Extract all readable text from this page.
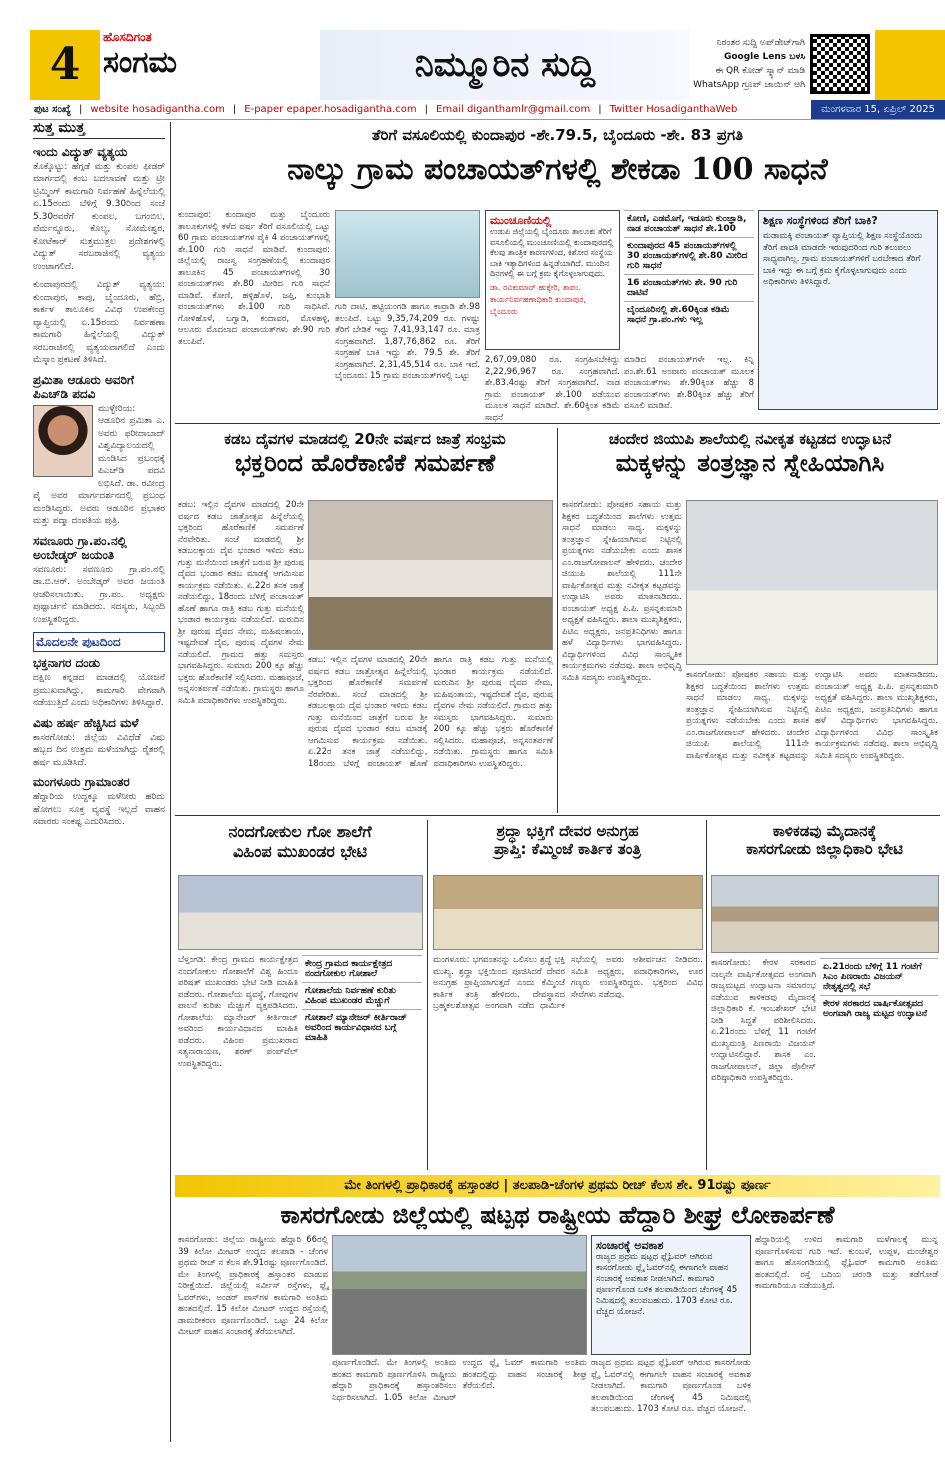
4
ಹೊಸದಿಗಂತ
ಸಂಗಮ	ನಿಮ್ಮೂರಿನ ಸುದ್ದಿ
ನಿರಂತರ ಸುದ್ದಿ ಅಪ್‌ಡೇಟ್‌ಗಾಗಿ
Google Lens ಬಳಸಿ
ಈ QR ಕೋಡ್ ಸ್ಕ್ಯಾನ್ ಮಾಡಿ
WhatsApp ಗ್ರೂಪ್ ಜಾಯಿನ್ ಆಗಿ
ಪುಟ ಸಂಖ್ಯೆ | website hosadigantha.com | E-paper epaper.hosadigantha.com | Email diganthamlr@gmail.com | Twitter HosadiganthaWeb	ಮಂಗಳವಾರ 15, ಏಪ್ರಿಲ್ 2025
ಸುತ್ತ ಮುತ್ತ
ಇಂದು ವಿದ್ಯುತ್ ವ್ಯತ್ಯಯ

ತೊಕ್ಕೊಟ್ಟು: ಹೆಗ್ಗಡೆ ಮತ್ತು ಕುಂಪಲ ಫೀಡರ್ ಮಾರ್ಗದಲ್ಲಿ ಕಂಬ ಬದಲಾವಣೆ ಮತ್ತು ಟ್ರೀ ಟ್ರಿಮ್ಮಿಂಗ್ ಕಾಮಗಾರಿ ನಿರ್ವಹಣೆ ಹಿನ್ನೆಲೆಯಲ್ಲಿ ಏ.15ರಂದು ಬೆಳಿಗ್ಗೆ 9.30ರಿಂದ ಸಂಜೆ 5.30ರವರೆಗೆ ಕುಂಪಲ, ಬಗಂಬಿಲ, ಪೆರ್ಮನ್ನೂರು, ಕೊಲ್ಯ, ಸೋಮೇಶ್ವರ, ಕೋಟೆಕಾರ್ ಸುತ್ತಮುತ್ತಲ ಪ್ರದೇಶಗಳಲ್ಲಿ ವಿದ್ಯುತ್ ಸರಬರಾಜಿನಲ್ಲಿ ವ್ಯತ್ಯಯ ಉಂಟಾಗಲಿದೆ.

ಕುಂದಾಪುರದಲ್ಲಿ ವಿದ್ಯುತ್ ವ್ಯತ್ಯಯ: ಕುಂದಾಪುರ, ಕಾಪು, ಬೈಂದೂರು, ಹೆಬ್ರಿ, ಕಾರ್ಕಳ ತಾಲೂಕಿನ ವಿವಿಧ ಉಪಕೇಂದ್ರ ವ್ಯಾಪ್ತಿಯಲ್ಲಿ ಏ.15ರಂದು ನಿರ್ವಹಣಾ ಕಾಮಗಾರಿ ಹಿನ್ನೆಲೆಯಲ್ಲಿ ವಿದ್ಯುತ್ ಸರಬರಾಜಿನಲ್ಲಿ ವ್ಯತ್ಯಯವಾಗಲಿದೆ ಎಂದು ಮೆಸ್ಕಾಂ ಪ್ರಕಟಣೆ ತಿಳಿಸಿದೆ.

ಪ್ರಮಿತಾ ಆಡೂರು ಅವರಿಗೆ ಪಿಎಚ್‌ಡಿ ಪದವಿ

ಮುಳ್ಳೇರಿಯ: ಆಡೂರಿನ ಪ್ರಮಿತಾ ಎ. ಅವರು ಫರೀದಾಬಾದ್ ವಿಶ್ವವಿದ್ಯಾಲಯದಲ್ಲಿ ಮಂಡಿಸಿದ ಪ್ರಬಂಧಕ್ಕೆ ಪಿಎಚ್‌ಡಿ ಪದವಿ ಲಭಿಸಿದೆ. ಡಾ. ರವೀಂದ್ರ ಪೈ ಅವರ ಮಾರ್ಗದರ್ಶನದಲ್ಲಿ ಪ್ರಬಂಧ ಮಂಡಿಸಿದ್ದರು. ಅವರು ಆಡೂರಿನ ಪ್ರಭಾಕರ ಮತ್ತು ಪದ್ಮಾ ದಂಪತಿಯ ಪುತ್ರಿ.

ಸವಣೂರು ಗ್ರಾ.ಪಂ.ನಲ್ಲಿ ಅಂಬೇಡ್ಕರ್ ಜಯಂತಿ

ಸವಣೂರು: ಸವಣೂರು ಗ್ರಾ.ಪಂ.ನಲ್ಲಿ ಡಾ.ಬಿ.ಆರ್. ಅಂಬೇಡ್ಕರ್ ಅವರ ಜಯಂತಿ ಆಚರಿಸಲಾಯಿತು. ಗ್ರಾ.ಪಂ. ಅಧ್ಯಕ್ಷರು ಪುಷ್ಪಾರ್ಚನೆ ಮಾಡಿದರು. ಸದಸ್ಯರು, ಸಿಬ್ಬಂದಿ ಉಪಸ್ಥಿತರಿದ್ದರು.

ಮೊದಲನೇ ಪುಟದಿಂದ
ಭಕ್ತನಾಗರ ದಂಡು

ದಕ್ಷಿಣ ಕನ್ನಡದ ಮಾಡದಲ್ಲಿ ಯೋಜನೆ ಪ್ರಮುಖವಾಗಿದ್ದು, ಕಾಮಗಾರಿ ವೇಗವಾಗಿ ನಡೆಯುತ್ತಿದೆ ಎಂದು ಅಧಿಕಾರಿಗಳು ತಿಳಿಸಿದ್ದಾರೆ.

ವಿಷು ಹರ್ಷ ಹೆಚ್ಚಿಸಿದ ಮಳೆ

ಕಾಸರಗೋಡು: ಜಿಲ್ಲೆಯ ವಿವಿಧೆಡೆ ವಿಷು ಹಬ್ಬದ ದಿನ ಉತ್ತಮ ಮಳೆಯಾಗಿದ್ದು ರೈತರಲ್ಲಿ ಹರ್ಷ ಮೂಡಿಸಿದೆ.

ಮಂಗಳೂರು ಗ್ರಾಮಾಂತರ

ಹೆದ್ದಾರಿಯ ಉದ್ದಕ್ಕೂ ಮಳೆನೀರು ಹರಿದು ಹೋಗಲು ಸೂಕ್ತ ವ್ಯವಸ್ಥೆ ಇಲ್ಲದೆ ವಾಹನ ಸವಾರರು ಸಂಕಷ್ಟ ಎದುರಿಸಿದರು.

ತೆರಿಗೆ ವಸೂಲಿಯಲ್ಲಿ ಕುಂದಾಪುರ -ಶೇ.79.5, ಬೈಂದೂರು -ಶೇ. 83 ಪ್ರಗತಿ
ನಾಲ್ಕು ಗ್ರಾಮ ಪಂಚಾಯತ್‌ಗಳಲ್ಲಿ ಶೇಕಡಾ 100 ಸಾಧನೆ
ಕುಂದಾಪುರ: ಕುಂದಾಪುರ ಮತ್ತು ಬೈಂದೂರು ತಾಲೂಕುಗಳಲ್ಲಿ ಕಳೆದ ವರ್ಷ ತೆರಿಗೆ ವಸೂಲಿಯಲ್ಲಿ ಒಟ್ಟು 60 ಗ್ರಾಮ ಪಂಚಾಯತ್‌ಗಳ ಪೈಕಿ 4 ಪಂಚಾಯತ್‌ಗಳಲ್ಲಿ ಶೇ.100 ಗುರಿ ಸಾಧನೆ ಮಾಡಿವೆ. ಕುಂದಾಪುರ: ಜಿಲ್ಲೆಯಲ್ಲಿ ರಾಜಸ್ವ ಸಂಗ್ರಹಣೆಯಲ್ಲಿ ಕುಂದಾಪುರ ತಾಲೂಕಿನ 45 ಪಂಚಾಯತ್‌ಗಳಲ್ಲಿ 30 ಪಂಚಾಯತ್‌ಗಳು ಶೇ.80 ಮೀರಿದ ಗುರಿ ಸಾಧನೆ ಮಾಡಿವೆ. ಕೋಣಿ, ಹಳ್ಳಿಹೊಳೆ, ಜಪ್ತಿ, ಕುಂಭಾಶಿ ಪಂಚಾಯತ್‌ಗಳು ಶೇ.100 ಗುರಿ ಸಾಧಿಸಿವೆ. ಗೋಳಿಹೊಳೆ, ಬಗ್ವಾಡಿ, ಕಂದಾವರ, ಮೊಳಹಳ್ಳಿ, ಆಲೂರು ಮೊದಲಾದ ಪಂಚಾಯತ್‌ಗಳು ಶೇ.90 ಗುರಿ ತಲುಪಿವೆ.
ಗುರಿ ದಾಟಿ, ಹಟ್ಟಿಯಂಗಡಿ ಹಾಗೂ ಕಾವ್ರಾಡಿ ಶೇ.98 ತಲುಪಿದೆ. ಒಟ್ಟು 9,35,74,209 ರೂ. ಗಳಷ್ಟು ತೆರಿಗೆ ಬೇಡಿಕೆ ಇದ್ದು 7,41,93,147 ರೂ. ಮಾತ್ರ ಸಂಗ್ರಹವಾಗಿದೆ. 1,87,76,862 ರೂ. ತೆರಿಗೆ ಸಂಗ್ರಹಣೆ ಬಾಕಿ ಇದ್ದು ಶೇ. 79.5 ಶೇ. ತೆರಿಗೆ ಸಂಗ್ರಹವಾಗಿದೆ. 2,31,45,514 ರೂ. ಬಾಕಿ ಇದೆ. ಬೈಂದೂರು: 15 ಗ್ರಾಮ ಪಂಚಾಯತ್‌ಗಳಲ್ಲಿ ಒಟ್ಟು
ಮುಂಚೂಣಿಯಲ್ಲಿ
ಉಡುಪಿ ಜಿಲ್ಲೆಯಲ್ಲಿ ಬೈಂದೂರು ತಾಲೂಕು ತೆರಿಗೆ ವಸೂಲಿಯಲ್ಲಿ ಮುಂಚೂಣಿಯಲ್ಲಿ ಕುಂದಾಪುರದಲ್ಲಿ ಕೆಲವು ತಾಂತ್ರಿಕ ಕಾರಣಗಳಿಂದ, ಕಿಶೋರ ಸಂಸ್ಥೆಯ ಬಾಕಿ ಇತ್ಯಾದಿಗಳಿಂದ ಹಿನ್ನಡೆಯಾಗಿದೆ. ಮುಂದಿನ ದಿನಗಳಲ್ಲಿ ಈ ಬಗ್ಗೆ ಕ್ರಮ ಕೈಗೊಳ್ಳಲಾಗುವುದು.
ಡಾ. ರವಿಕುಮಾರ್ ಹುಕ್ಕೇರಿ, ತಾಪಂ. ಕಾರ್ಯನಿರ್ವಹಣಾಧಿಕಾರಿ ಕುಂದಾಪುರ, ಬೈಂದೂರು
2,67,09,080 ರೂ. ಸಂಗ್ರಹಿಸಬೇಕಿದ್ದು 2,22,96,967 ರೂ. ಸಂಗ್ರಹವಾಗಿದೆ. ಶೇ.83.4ರಷ್ಟು ತೆರಿಗೆ ಸಂಗ್ರಹವಾಗಿದೆ. ನಾಡ ಗ್ರಾಮ ಪಂಚಾಯತ್ ಶೇ.100 ಪಡೆಯುವ ಮೂಲಕ ಸಾಧನೆ ಮಾಡಿದೆ. ಶೇ.60ಕ್ಕಿಂತ ಕಡಿಮೆ ಸಾಧನೆ
ಕೋಣಿ, ಎಡಮೊಗೆ, ಇಡೂರು ಕುಂಜ್ಞಾಡಿ, ನಾಡ ಪಂಚಾಯತ್ ಸಾಧನೆ ಶೇ.100
ಕುಂದಾಪುರದ 45 ಪಂಚಾಯತ್‌ಗಳಲ್ಲಿ 30 ಪಂಚಾಯತ್‌ಗಳಲ್ಲಿ ಶೇ.80 ಮೀರಿದ ಗುರಿ ಸಾಧನೆ
16 ಪಂಚಾಯತ್‌ಗಳು ಶೇ. 90 ಗುರಿ ದಾಟಿವೆ
ಬೈಂದೂರಿನಲ್ಲಿ ಶೇ.60ಕ್ಕಿಂತ ಕಡಿಮೆ ಸಾಧನೆ ಗ್ರಾ.ಪಂ.ಗಳು ಇಲ್ಲ
ಮಾಡಿದ ಪಂಚಾಯತ್‌ಗಳೇ ಇಲ್ಲ. ಕಿನ್ನಿ ಪಂ.ಶೇ.61 ಅಂಪಾರು ಪಂಚಾಯತ್ ಮೂಲಕ ಪಂಚಾಯತ್‌ಗಳು ಶೇ.90ಕ್ಕಿಂತ ಹೆಚ್ಚು 8 ಪಂಚಾಯತ್‌ಗಳು ಶೇ.80ಕ್ಕಿಂತ ಹೆಚ್ಚು ತೆರಿಗೆ ವಸೂಲಿ ಮಾಡಿವೆ.
ಶಿಕ್ಷಣ ಸಂಸ್ಥೆಗಳಿಂದ ತೆರಿಗೆ ಬಾಕಿ?
ಮಡಾಮಕ್ಕಿ ಪಂಚಾಯತ್ ವ್ಯಾಪ್ತಿಯಲ್ಲಿ ಶಿಕ್ಷಣ ಸಂಸ್ಥೆಯೊಂದು ತೆರಿಗೆ ಪಾವತಿ ಮಾಡದೇ ಇರುವುದರಿಂದ ಗುರಿ ತಲುಪಲು ಸಾಧ್ಯವಾಗಿಲ್ಲ. ಗ್ರಾಮ ಪಂಚಾಯತ್‌ಗಳಿಗೆ ಬರಬೇಕಾದ ತೆರಿಗೆ ಬಾಕಿ ಇದ್ದು ಈ ಬಗ್ಗೆ ಕ್ರಮ ಕೈಗೊಳ್ಳಲಾಗುವುದು ಎಂದು ಅಧಿಕಾರಿಗಳು ತಿಳಿಸಿದ್ದಾರೆ.
ಕಡಬ ದೈವಗಳ ಮಾಡದಲ್ಲಿ 20ನೇ ವರ್ಷದ ಜಾತ್ರೆ ಸಂಭ್ರಮ
ಭಕ್ತರಿಂದ ಹೊರೆಕಾಣಿಕೆ ಸಮರ್ಪಣೆ
ಕಡಬ: ಇಲ್ಲಿನ ದೈವಗಳ ಮಾಡದಲ್ಲಿ 20ನೇ ವರ್ಷದ ಕಡಬ ಜಾತ್ರೋತ್ಸವ ಹಿನ್ನೆಲೆಯಲ್ಲಿ ಭಕ್ತರಿಂದ ಹೊರೆಕಾಣಿಕೆ ಸಮರ್ಪಣೆ ನೆರವೇರಿತು. ಸಂಜೆ ಮಾಡದಲ್ಲಿ ಶ್ರೀ ಕಡಬಲಕ್ಕಾಯ ದೈವ ಭಂಡಾರ ಇಳಿದು ಕಡಬ ಗುತ್ತು ಮನೆಯಿಂದ ಜಾತ್ರೆಗೆ ಬರುವ ಶ್ರೀ ಪುರುಷ ದೈವದ ಭಂಡಾರ ಕಡಬ ಮಾಡಕ್ಕೆ ಆಗಮಿಸುವ ಕಾರ್ಯಕ್ರಮ ನಡೆಯಿತು. ಏ.22ರ ತನಕ ಜಾತ್ರೆ ನಡೆಯಲಿದ್ದು, 18ರಂದು ಬೆಳಿಗ್ಗೆ ಪಂಚಾಯತ್ ಹೊಣೆ ಹಾಗೂ ರಾತ್ರಿ ಕಡಬ ಗುತ್ತು ಮನೆಯಲ್ಲಿ ಭಂಡಾರ ಕಾರ್ಯಕ್ರಮ ನಡೆಯಲಿದೆ. ಮರುದಿನ ಶ್ರೀ ಪುರುಷ ದೈವದ ನೇಮ, ಮಹಿಷಂತಾಯ, ಇಷ್ಟದೇವತೆ ದೈವ, ಪುರುಷ ದೈವಗಳ ನೇಮ ನಡೆಯಲಿದೆ. ಗ್ರಾಮದ ಹತ್ತು ಸಮಸ್ತರು ಭಾಗವಹಿಸಿದ್ದರು. ಸುಮಾರು 200 ಕ್ಕೂ ಹೆಚ್ಚು ಭಕ್ತರು ಹೊರೆಕಾಣಿಕೆ ಸಲ್ಲಿಸಿದರು. ಮಹಾಪೂಜೆ, ಅನ್ನಸಂತರ್ಪಣೆ ನಡೆಯಿತು. ಗ್ರಾಮಸ್ಥರು ಹಾಗೂ ಸಮಿತಿ ಪದಾಧಿಕಾರಿಗಳು ಉಪಸ್ಥಿತರಿದ್ದರು.
ಕಡಬ: ಇಲ್ಲಿನ ದೈವಗಳ ಮಾಡದಲ್ಲಿ 20ನೇ ವರ್ಷದ ಕಡಬ ಜಾತ್ರೋತ್ಸವ ಹಿನ್ನೆಲೆಯಲ್ಲಿ ಭಕ್ತರಿಂದ ಹೊರೆಕಾಣಿಕೆ ಸಮರ್ಪಣೆ ನೆರವೇರಿತು. ಸಂಜೆ ಮಾಡದಲ್ಲಿ ಶ್ರೀ ಕಡಬಲಕ್ಕಾಯ ದೈವ ಭಂಡಾರ ಇಳಿದು ಕಡಬ ಗುತ್ತು ಮನೆಯಿಂದ ಜಾತ್ರೆಗೆ ಬರುವ ಶ್ರೀ ಪುರುಷ ದೈವದ ಭಂಡಾರ ಕಡಬ ಮಾಡಕ್ಕೆ ಆಗಮಿಸುವ ಕಾರ್ಯಕ್ರಮ ನಡೆಯಿತು. ಏ.22ರ ತನಕ ಜಾತ್ರೆ ನಡೆಯಲಿದ್ದು, 18ರಂದು ಬೆಳಿಗ್ಗೆ ಪಂಚಾಯತ್ ಹೊಣೆ ಹಾಗೂ ರಾತ್ರಿ ಕಡಬ ಗುತ್ತು ಮನೆಯಲ್ಲಿ ಭಂಡಾರ ಕಾರ್ಯಕ್ರಮ ನಡೆಯಲಿದೆ. ಮರುದಿನ ಶ್ರೀ ಪುರುಷ ದೈವದ ನೇಮ, ಮಹಿಷಂತಾಯ, ಇಷ್ಟದೇವತೆ ದೈವ, ಪುರುಷ ದೈವಗಳ ನೇಮ ನಡೆಯಲಿದೆ. ಗ್ರಾಮದ ಹತ್ತು ಸಮಸ್ತರು ಭಾಗವಹಿಸಿದ್ದರು. ಸುಮಾರು 200 ಕ್ಕೂ ಹೆಚ್ಚು ಭಕ್ತರು ಹೊರೆಕಾಣಿಕೆ ಸಲ್ಲಿಸಿದರು. ಮಹಾಪೂಜೆ, ಅನ್ನಸಂತರ್ಪಣೆ ನಡೆಯಿತು. ಗ್ರಾಮಸ್ಥರು ಹಾಗೂ ಸಮಿತಿ ಪದಾಧಿಕಾರಿಗಳು ಉಪಸ್ಥಿತರಿದ್ದರು.
ಚಂದೇರ ಜಿಯುಪಿ ಶಾಲೆಯಲ್ಲಿ ನವೀಕೃತ ಕಟ್ಟಡದ ಉದ್ಘಾಟನೆ
ಮಕ್ಕಳನ್ನು ತಂತ್ರಜ್ಞಾನ ಸ್ನೇಹಿಯಾಗಿಸಿ
ಕಾಸರಗೋಡು: ಪೋಷಕರ ಸಹಾಯ ಮತ್ತು ಶಿಕ್ಷಕರ ಬದ್ಧತೆಯಿಂದ ಶಾಲೆಗಳು ಉತ್ತಮ ಸಾಧನೆ ಮಾಡಲು ಸಾಧ್ಯ. ಮಕ್ಕಳನ್ನು ತಂತ್ರಜ್ಞಾನ ಸ್ನೇಹಿಯಾಗಿಸುವ ನಿಟ್ಟಿನಲ್ಲಿ ಪ್ರಯತ್ನಗಳು ನಡೆಯಬೇಕು ಎಂದು ಶಾಸಕ ಎಂ.ರಾಜಗೋಪಾಲನ್ ಹೇಳಿದರು. ಚಂದೇರ ಜಿಯುಪಿ ಶಾಲೆಯಲ್ಲಿ 111ನೇ ವಾರ್ಷಿಕೋತ್ಸವ ಮತ್ತು ನವೀಕೃತ ಕಟ್ಟಡವನ್ನು ಉದ್ಘಾಟಿಸಿ ಅವರು ಮಾತನಾಡಿದರು. ಪಂಚಾಯತ್ ಅಧ್ಯಕ್ಷ ಪಿ.ಪಿ. ಪ್ರಸನ್ನಕುಮಾರಿ ಅಧ್ಯಕ್ಷತೆ ವಹಿಸಿದ್ದರು. ಶಾಲಾ ಮುಖ್ಯಶಿಕ್ಷಕರು, ಪಿಟಿಎ ಅಧ್ಯಕ್ಷರು, ಜನಪ್ರತಿನಿಧಿಗಳು ಹಾಗೂ ಹಳೆ ವಿದ್ಯಾರ್ಥಿಗಳು ಭಾಗವಹಿಸಿದ್ದರು. ವಿದ್ಯಾರ್ಥಿಗಳಿಂದ ವಿವಿಧ ಸಾಂಸ್ಕೃತಿಕ ಕಾರ್ಯಕ್ರಮಗಳು ನಡೆದವು. ಶಾಲಾ ಅಭಿವೃದ್ಧಿ ಸಮಿತಿ ಸದಸ್ಯರು ಉಪಸ್ಥಿತರಿದ್ದರು.	ಕಾಸರಗೋಡು: ಪೋಷಕರ ಸಹಾಯ ಮತ್ತು ಶಿಕ್ಷಕರ ಬದ್ಧತೆಯಿಂದ ಶಾಲೆಗಳು ಉತ್ತಮ ಸಾಧನೆ ಮಾಡಲು ಸಾಧ್ಯ. ಮಕ್ಕಳನ್ನು ತಂತ್ರಜ್ಞಾನ ಸ್ನೇಹಿಯಾಗಿಸುವ ನಿಟ್ಟಿನಲ್ಲಿ ಪ್ರಯತ್ನಗಳು ನಡೆಯಬೇಕು ಎಂದು ಶಾಸಕ ಎಂ.ರಾಜಗೋಪಾಲನ್ ಹೇಳಿದರು. ಚಂದೇರ ಜಿಯುಪಿ ಶಾಲೆಯಲ್ಲಿ 111ನೇ ವಾರ್ಷಿಕೋತ್ಸವ ಮತ್ತು ನವೀಕೃತ ಕಟ್ಟಡವನ್ನು ಉದ್ಘಾಟಿಸಿ ಅವರು ಮಾತನಾಡಿದರು. ಪಂಚಾಯತ್ ಅಧ್ಯಕ್ಷ ಪಿ.ಪಿ. ಪ್ರಸನ್ನಕುಮಾರಿ ಅಧ್ಯಕ್ಷತೆ ವಹಿಸಿದ್ದರು. ಶಾಲಾ ಮುಖ್ಯಶಿಕ್ಷಕರು, ಪಿಟಿಎ ಅಧ್ಯಕ್ಷರು, ಜನಪ್ರತಿನಿಧಿಗಳು ಹಾಗೂ ಹಳೆ ವಿದ್ಯಾರ್ಥಿಗಳು ಭಾಗವಹಿಸಿದ್ದರು. ವಿದ್ಯಾರ್ಥಿಗಳಿಂದ ವಿವಿಧ ಸಾಂಸ್ಕೃತಿಕ ಕಾರ್ಯಕ್ರಮಗಳು ನಡೆದವು. ಶಾಲಾ ಅಭಿವೃದ್ಧಿ ಸಮಿತಿ ಸದಸ್ಯರು ಉಪಸ್ಥಿತರಿದ್ದರು.
ನಂದಗೋಕುಲ ಗೋ ಶಾಲೆಗೆ
ವಿಹಿಂಪ ಮುಖಂಡರ ಭೇಟಿ
ಬೆಳ್ತಂಗಡಿ: ಕೇಂದ್ರ ಗ್ರಾಮದ ಕಾರ್ಯಕ್ಷೇತ್ರದ ನಂದಗೋಕುಲ ಗೋಶಾಲೆಗೆ ವಿಶ್ವ ಹಿಂದೂ ಪರಿಷತ್ ಮುಖಂಡರು ಭೇಟಿ ನೀಡಿ ಮಾಹಿತಿ ಪಡೆದರು. ಗೋಶಾಲೆಯ ವ್ಯವಸ್ಥೆ, ಗೋವುಗಳ ಪಾಲನೆ ಕುರಿತು ಮೆಚ್ಚುಗೆ ವ್ಯಕ್ತಪಡಿಸಿದರು. ಗೋಶಾಲೆಯ ಮ್ಯಾನೇಜರ್ ಕೀರ್ತಿರಾಜ್ ಅವರಿಂದ ಕಾರ್ಯವಿಧಾನದ ಮಾಹಿತಿ ಪಡೆದರು. ವಿಹಿಂಪ ಪ್ರಮುಖರಾದ ಸತ್ಯನಾರಾಯಣ, ಶರಣ್ ಪಂಪ್‌ವೆಲ್ ಉಪಸ್ಥಿತರಿದ್ದರು.
ಕೇಂದ್ರ ಗ್ರಾಮದ ಕಾರ್ಯಕ್ಷೇತ್ರದ ನಂದಗೋಕುಲ ಗೋಶಾಲೆ
ಗೋಶಾಲೆಯ ನಿರ್ವಹಣೆ ಕುರಿತು ವಿಹಿಂಪ ಮುಖಂಡರ ಮೆಚ್ಚುಗೆ
ಗೋಶಾಲೆ ಮ್ಯಾನೇಜರ್ ಕೀರ್ತಿರಾಜ್ ಅವರಿಂದ ಕಾರ್ಯವಿಧಾನದ ಬಗ್ಗೆ ಮಾಹಿತಿ
ಶ್ರದ್ಧಾ ಭಕ್ತಿಗೆ ದೇವರ ಅನುಗ್ರಹ
ಪ್ರಾಪ್ತಿ: ಕೆಮ್ಮಿಂಜೆ ಕಾರ್ತಿಕ ತಂತ್ರಿ
ಮಂಗಳೂರು: ಭಗವಂತನನ್ನು ಒಲಿಸಲು ಶ್ರದ್ಧೆ ಭಕ್ತಿ ಮುಖ್ಯ. ಶ್ರದ್ಧಾ ಭಕ್ತಿಯಿಂದ ಪೂಜಿಸಿದರೆ ದೇವರ ಅನುಗ್ರಹ ಪ್ರಾಪ್ತಿಯಾಗುತ್ತದೆ ಎಂದು ಕೆಮ್ಮಿಂಜೆ ಕಾರ್ತಿಕ ತಂತ್ರಿ ಹೇಳಿದರು. ದೇವಸ್ಥಾನದ ಬ್ರಹ್ಮಕಲಶೋತ್ಸವ ಅಂಗವಾಗಿ ನಡೆದ ಧಾರ್ಮಿಕ ಸಭೆಯಲ್ಲಿ ಅವರು ಆಶೀರ್ವಚನ ನೀಡಿದರು. ಸಮಿತಿ ಅಧ್ಯಕ್ಷರು, ಪದಾಧಿಕಾರಿಗಳು, ಊರ ಗಣ್ಯರು ಉಪಸ್ಥಿತರಿದ್ದರು. ಭಕ್ತರಿಂದ ವಿವಿಧ ಸೇವೆಗಳು ನಡೆದವು.
ಕಾಳಿಕಡವು ಮೈದಾನಕ್ಕೆ
ಕಾಸರಗೋಡು ಜಿಲ್ಲಾಧಿಕಾರಿ ಭೇಟಿ
ಕಾಸರಗೋಡು: ಕೇರಳ ಸರಕಾರದ ನಾಲ್ಕನೇ ವಾರ್ಷಿಕೋತ್ಸವದ ಅಂಗವಾಗಿ ರಾಜ್ಯಮಟ್ಟದ ಉದ್ಘಾಟನಾ ಸಮಾರಂಭ ನಡೆಯುವ ಕಾಳಿಕಡವು ಮೈದಾನಕ್ಕೆ ಜಿಲ್ಲಾಧಿಕಾರಿ ಕೆ. ಇಂಬಶೇಖರ್ ಭೇಟಿ ನೀಡಿ ಸಿದ್ಧತೆ ಪರಿಶೀಲಿಸಿದರು. ಏ.21ರಂದು ಬೆಳಿಗ್ಗೆ 11 ಗಂಟೆಗೆ ಮುಖ್ಯಮಂತ್ರಿ ಪಿಣರಾಯಿ ವಿಜಯನ್ ಉದ್ಘಾಟಿಸಲಿದ್ದಾರೆ. ಶಾಸಕ ಎಂ. ರಾಜಗೋಪಾಲನ್, ಜಿಲ್ಲಾ ಪೊಲೀಸ್ ವರಿಷ್ಠಾಧಿಕಾರಿ ಉಪಸ್ಥಿತರಿದ್ದರು.
ಏ.21ರಂದು ಬೆಳಿಗ್ಗೆ 11 ಗಂಟೆಗೆ ಸಿಎಂ ಪಿಣರಾಯಿ ವಿಜಯನ್ ನೇತೃತ್ವದಲ್ಲಿ ಸಭೆ
ಕೇರಳ ಸರಕಾರದ ವಾರ್ಷಿಕೋತ್ಸವದ ಅಂಗವಾಗಿ ರಾಜ್ಯ ಮಟ್ಟದ ಉದ್ಘಾಟನೆ
ಮೇ ತಿಂಗಳಲ್ಲಿ ಪ್ರಾಧಿಕಾರಕ್ಕೆ ಹಸ್ತಾಂತರ | ತಲಪಾಡಿ-ಚೆಂಗಳ ಪ್ರಥಮ ರೀಚ್ ಕೆಲಸ ಶೇ. 91ರಷ್ಟು ಪೂರ್ಣ
ಕಾಸರಗೋಡು ಜಿಲ್ಲೆಯಲ್ಲಿ ಷಟ್ಪಥ ರಾಷ್ಟ್ರೀಯ ಹೆದ್ದಾರಿ ಶೀಘ್ರ ಲೋಕಾರ್ಪಣೆ
ಕಾಸರಗೋಡು: ಜಿಲ್ಲೆಯ ರಾಷ್ಟ್ರೀಯ ಹೆದ್ದಾರಿ 66ರಲ್ಲಿ 39 ಕಿಲೋ ಮೀಟರ್ ಉದ್ದದ ತಲಪಾಡಿ - ಚೆಂಗಳ ಪ್ರಥಮ ರೀಚ್ ನ ಕೆಲಸ ಶೇ.91ರಷ್ಟು ಪೂರ್ಣಗೊಂಡಿದೆ. ಮೇ ತಿಂಗಳಲ್ಲಿ ಪ್ರಾಧಿಕಾರಕ್ಕೆ ಹಸ್ತಾಂತರ ಮಾಡುವ ನಿರೀಕ್ಷೆಯಿದೆ. ಜಿಲ್ಲೆಯಲ್ಲಿ ಸರ್ವೀಸ್ ರಸ್ತೆಗಳು, ಫ್ಲೈ ಓವರ್‌ಗಳು, ಅಂಡರ್ ಪಾಸ್‌ಗಳ ಕಾಮಗಾರಿ ಅಂತಿಮ ಹಂತದಲ್ಲಿದೆ. 15 ಕಿಲೋ ಮೀಟರ್ ಉದ್ದದ ರಸ್ತೆಯಲ್ಲಿ ಡಾಮರೀಕರಣ ಪೂರ್ಣಗೊಂಡಿದೆ. ಒಟ್ಟು 24 ಕಿಲೋ ಮೀಟರ್ ವಾಹನ ಸಂಚಾರಕ್ಕೆ ತೆರೆಯಲಾಗಿದೆ.
ಪೂರ್ಣಗೊಂಡಿದೆ. ಮೇ ತಿಂಗಳಲ್ಲಿ ಅಂತಿಮ ಹಂತದ ಕಾಮಗಾರಿ ಪೂರ್ಣಗೊಳಿಸಿ ರಾಷ್ಟ್ರೀಯ ಹೆದ್ದಾರಿ ಪ್ರಾಧಿಕಾರಕ್ಕೆ ಹಸ್ತಾಂತರಿಸಲು ನಿರ್ಧರಿಸಲಾಗಿದೆ. 1.05 ಕಿಲೋ ಮೀಟರ್ ಉದ್ದದ ಫ್ಲೈ ಓವರ್ ಕಾಮಗಾರಿ ಅಂತಿಮ ಹಂತದಲ್ಲಿದ್ದು ವಾಹನ ಸಂಚಾರಕ್ಕೆ ಶೀಘ್ರ ತೆರೆಯಲಿದೆ.
ಸಂಚಾರಕ್ಕೆ ಅವಕಾಶ
ರಾಜ್ಯದ ಪ್ರಥಮ ಷಟ್ಪಥ ಫ್ಲೈಓವರ್ ಆಗಿರುವ ಕಾಸರಗೋಡು ಫ್ಲೈ ಓವರ್‌ನಲ್ಲಿ ಈಗಾಗಲೇ ವಾಹನ ಸಂಚಾರಕ್ಕೆ ಅವಕಾಶ ನೀಡಲಾಗಿದೆ. ಕಾಮಗಾರಿ ಪೂರ್ಣಗೊಂಡ ಬಳಿಕ ತಲಪಾಡಿಯಿಂದ ಚೆಂಗಳಕ್ಕೆ 45 ನಿಮಿಷದಲ್ಲಿ ತಲುಪಬಹುದು. 1703 ಕೋಟಿ ರೂ. ವೆಚ್ಚದ ಯೋಜನೆ.
ರಾಜ್ಯದ ಪ್ರಥಮ ಷಟ್ಪಥ ಫ್ಲೈಓವರ್ ಆಗಿರುವ ಕಾಸರಗೋಡು ಫ್ಲೈ ಓವರ್‌ನಲ್ಲಿ ಈಗಾಗಲೇ ವಾಹನ ಸಂಚಾರಕ್ಕೆ ಅವಕಾಶ ನೀಡಲಾಗಿದೆ. ಕಾಮಗಾರಿ ಪೂರ್ಣಗೊಂಡ ಬಳಿಕ ತಲಪಾಡಿಯಿಂದ ಚೆಂಗಳಕ್ಕೆ 45 ನಿಮಿಷದಲ್ಲಿ ತಲುಪಬಹುದು. 1703 ಕೋಟಿ ರೂ. ವೆಚ್ಚದ ಯೋಜನೆ.
ಹೆದ್ದಾರಿಯಲ್ಲಿ ಉಳಿದ ಕಾಮಗಾರಿ ಮಳೆಗಾಲಕ್ಕೆ ಮುನ್ನ ಪೂರ್ಣಗೊಳಿಸುವ ಗುರಿ ಇದೆ. ಕುಂಬಳೆ, ಉಪ್ಪಳ, ಮಂಜೇಶ್ವರ ಹಾಗೂ ಹೊಸಂಗಡಿಯಲ್ಲಿ ಫ್ಲೈಓವರ್ ಕಾಮಗಾರಿ ಅಂತಿಮ ಹಂತದಲ್ಲಿದೆ. ರಸ್ತೆ ಬದಿಯ ಚರಂಡಿ ಮತ್ತು ತಡೆಗೋಡೆ ಕಾಮಗಾರಿಯೂ ನಡೆಯುತ್ತಿದೆ.
